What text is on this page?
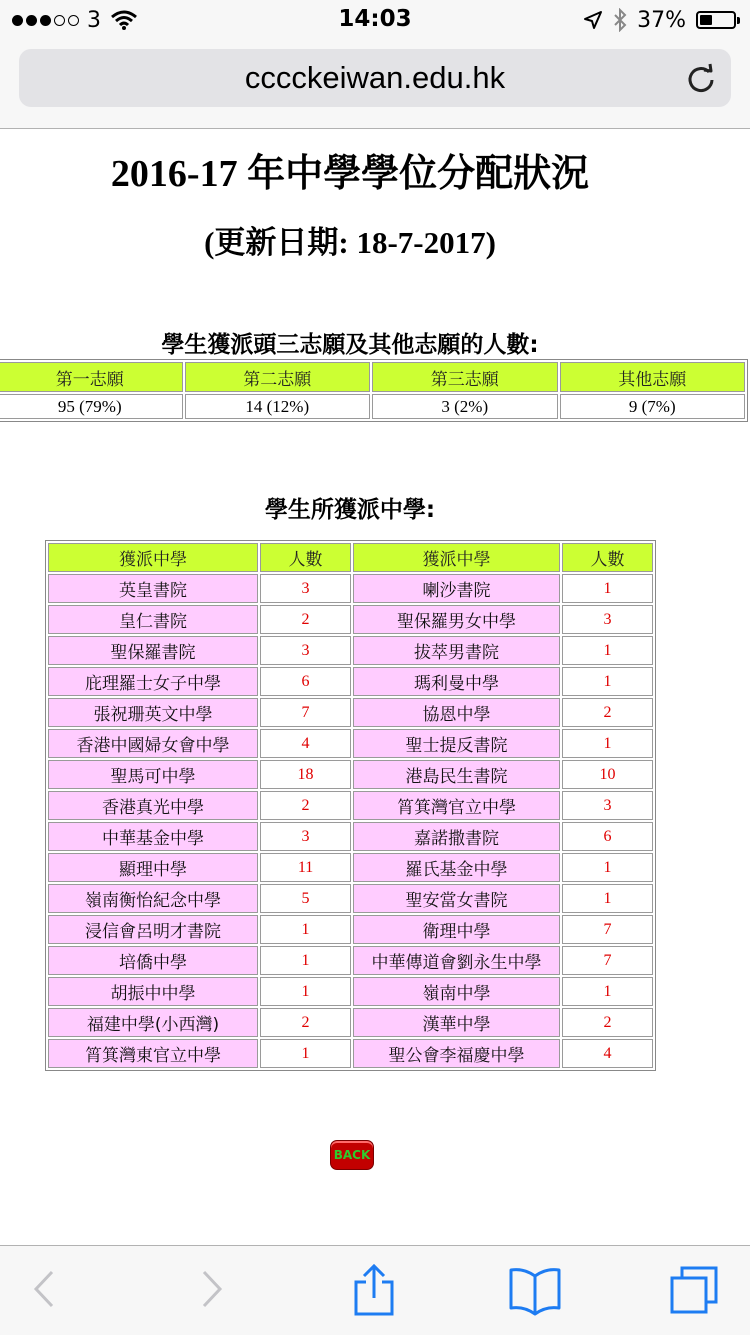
3	14:03	37%
cccckeiwan.edu.hk
2016-17 年中學學位分配狀況
(更新日期: 18-7-2017)
學生獲派頭三志願及其他志願的人數:
第一志願	第二志願	第三志願	其他志願
95 (79%)	14 (12%)	3 (2%)	9 (7%)
學生所獲派中學:
獲派中學	人數	獲派中學	人數
英皇書院	3	喇沙書院	1
皇仁書院	2	聖保羅男女中學	3
聖保羅書院	3	拔萃男書院	1
庇理羅士女子中學	6	瑪利曼中學	1
張祝珊英文中學	7	協恩中學	2
香港中國婦女會中學	4	聖士提反書院	1
聖馬可中學	18	港島民生書院	10
香港真光中學	2	筲箕灣官立中學	3
中華基金中學	3	嘉諾撒書院	6
顯理中學	11	羅氏基金中學	1
嶺南衡怡紀念中學	5	聖安當女書院	1
浸信會呂明才書院	1	衛理中學	7
培僑中學	1	中華傳道會劉永生中學	7
胡振中中學	1	嶺南中學	1
福建中學(小西灣)	2	漢華中學	2
筲箕灣東官立中學	1	聖公會李福慶中學	4
BACK
